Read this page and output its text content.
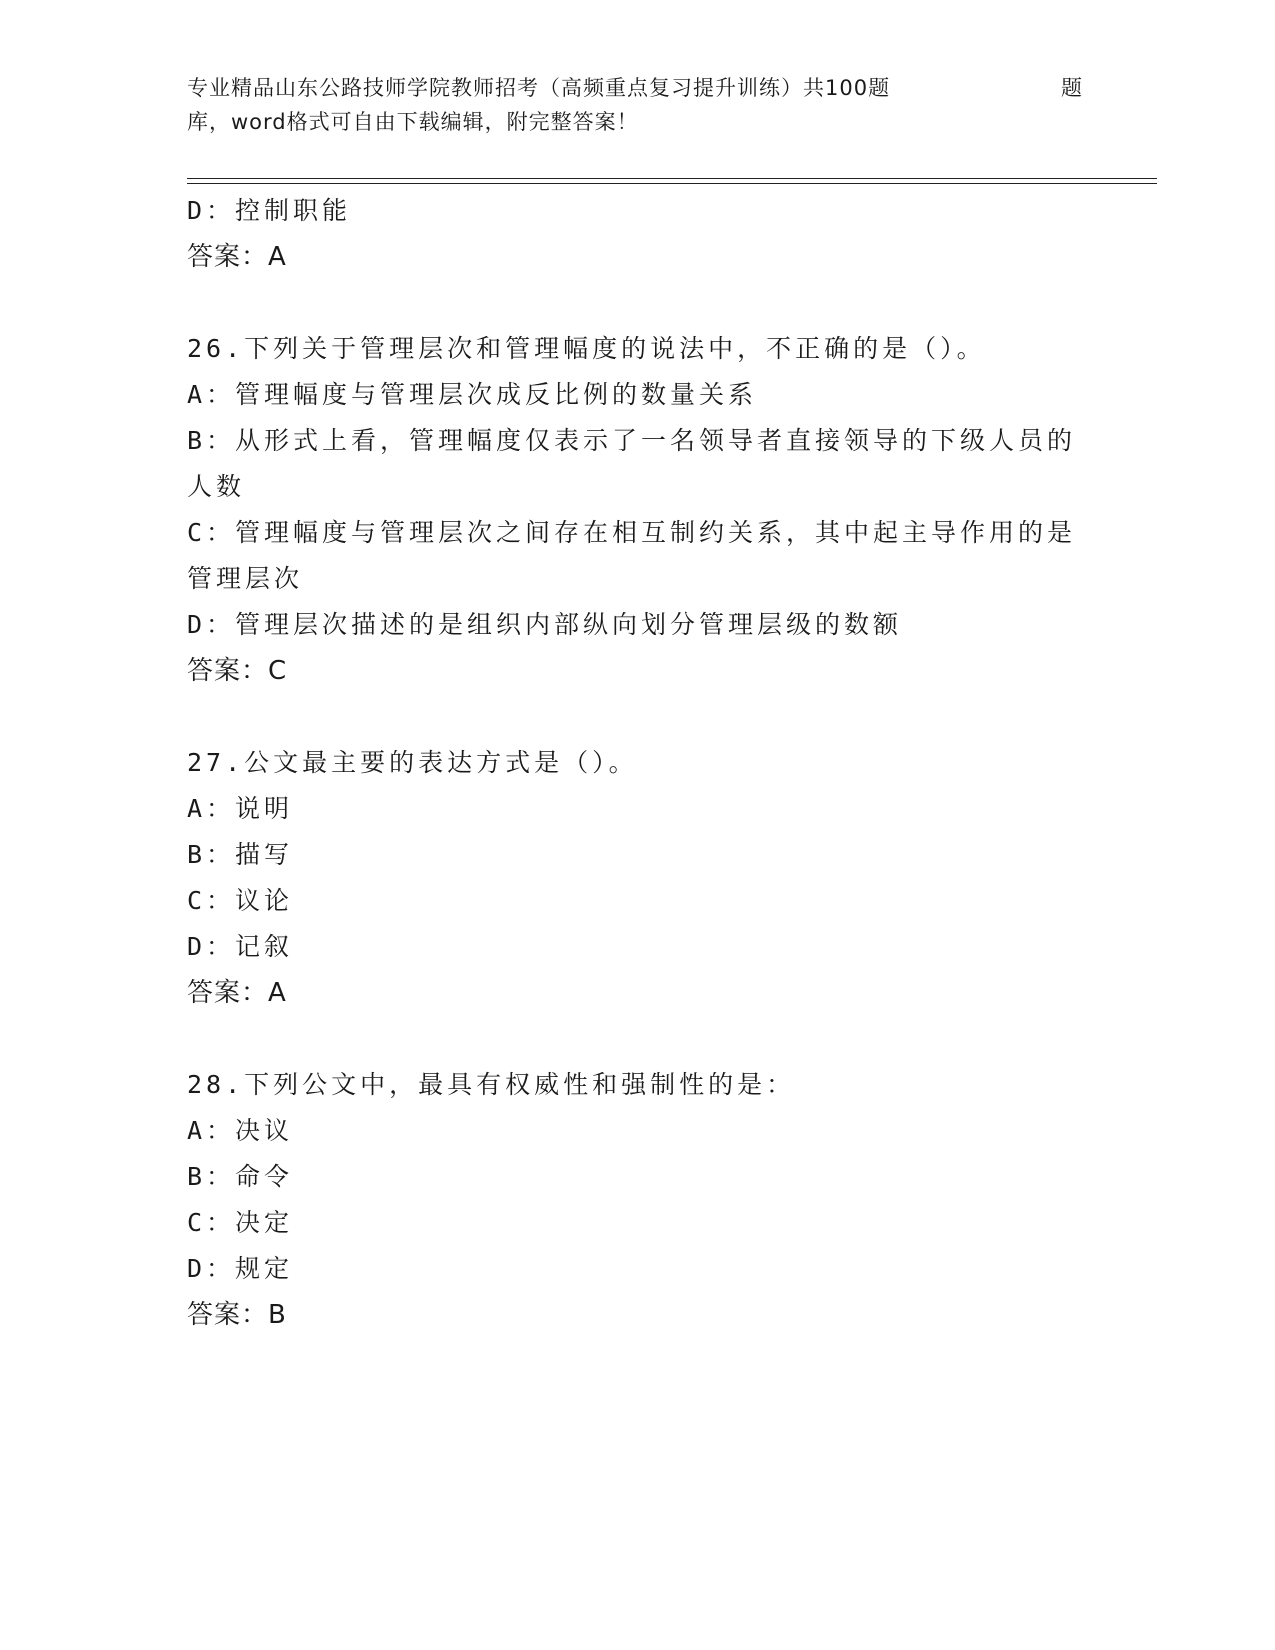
专业精品山东公路技师学院教师招考（高频重点复习提升训练）共100题	题
库，word格式可自由下载编辑，附完整答案！
D：控制职能
答案：A
26.下列关于管理层次和管理幅度的说法中，不正确的是（）。
A：管理幅度与管理层次成反比例的数量关系
B：从形式上看，管理幅度仅表示了一名领导者直接领导的下级人员的
人数
C：管理幅度与管理层次之间存在相互制约关系，其中起主导作用的是
管理层次
D：管理层次描述的是组织内部纵向划分管理层级的数额
答案：C
27.公文最主要的表达方式是（）。
A：说明
B：描写
C：议论
D：记叙
答案：A
28.下列公文中，最具有权威性和强制性的是：
A：决议
B：命令
C：决定
D：规定
答案：B
